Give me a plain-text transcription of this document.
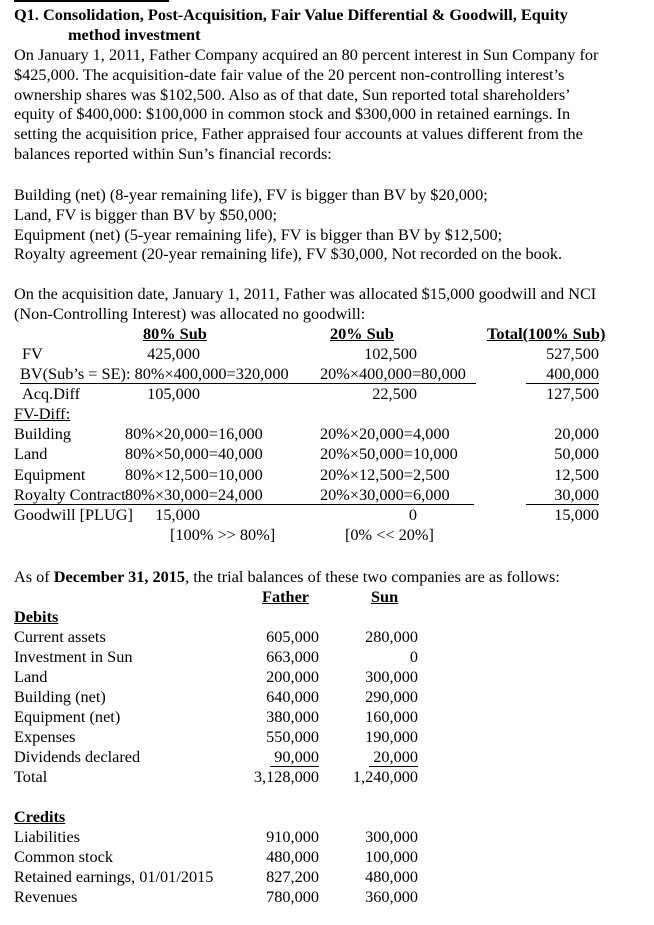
Q1. Consolidation, Post-Acquisition, Fair Value Differential & Goodwill, Equity
method investment
On January 1, 2011, Father Company acquired an 80 percent interest in Sun Company for
$425,000. The acquisition-date fair value of the 20 percent non-controlling interest’s
ownership shares was $102,500. Also as of that date, Sun reported total shareholders’
equity of $400,000: $100,000 in common stock and $300,000 in retained earnings. In
setting the acquisition price, Father appraised four accounts at values different from the
balances reported within Sun’s financial records:
Building (net) (8-year remaining life), FV is bigger than BV by $20,000;
Land, FV is bigger than BV by $50,000;
Equipment (net) (5-year remaining life), FV is bigger than BV by $12,500;
Royalty agreement (20-year remaining life), FV $30,000, Not recorded on the book.
On the acquisition date, January 1, 2011, Father was allocated $15,000 goodwill and NCI
(Non-Controlling Interest) was allocated no goodwill:
80% Sub	20% Sub	Total(100% Sub)
FV	425,000	102,500	527,500
BV(Sub’s = SE): 80%×400,000=320,000 20%×400,000=80,000	400,000
Acq.Diff	105,000	22,500	127,500
FV-Diff:
Building	80%×20,000=16,000	20%×20,000=4,000	20,000
Land	80%×50,000=40,000	20%×50,000=10,000	50,000
Equipment 80%×12,500=10,000	20%×12,500=2,500	12,500
Royalty Contract 80%×30,000=24,000	20%×30,000=6,000	30,000
Goodwill [PLUG] 15,000	0	15,000
[100% >> 80%]	[0% << 20%]
As of December 31, 2015, the trial balances of these two companies are as follows:
Father	Sun
Debits
Current assets	605,000	280,000
Investment in Sun	663,000	0
Land	200,000	300,000
Building (net)	640,000	290,000
Equipment (net)	380,000	160,000
Expenses	550,000	190,000
Dividends declared	90,000	20,000
Total	3,128,000 1,240,000
Credits
Liabilities	910,000	300,000
Common stock	480,000	100,000
Retained earnings, 01/01/2015	827,200	480,000
Revenues	780,000	360,000
